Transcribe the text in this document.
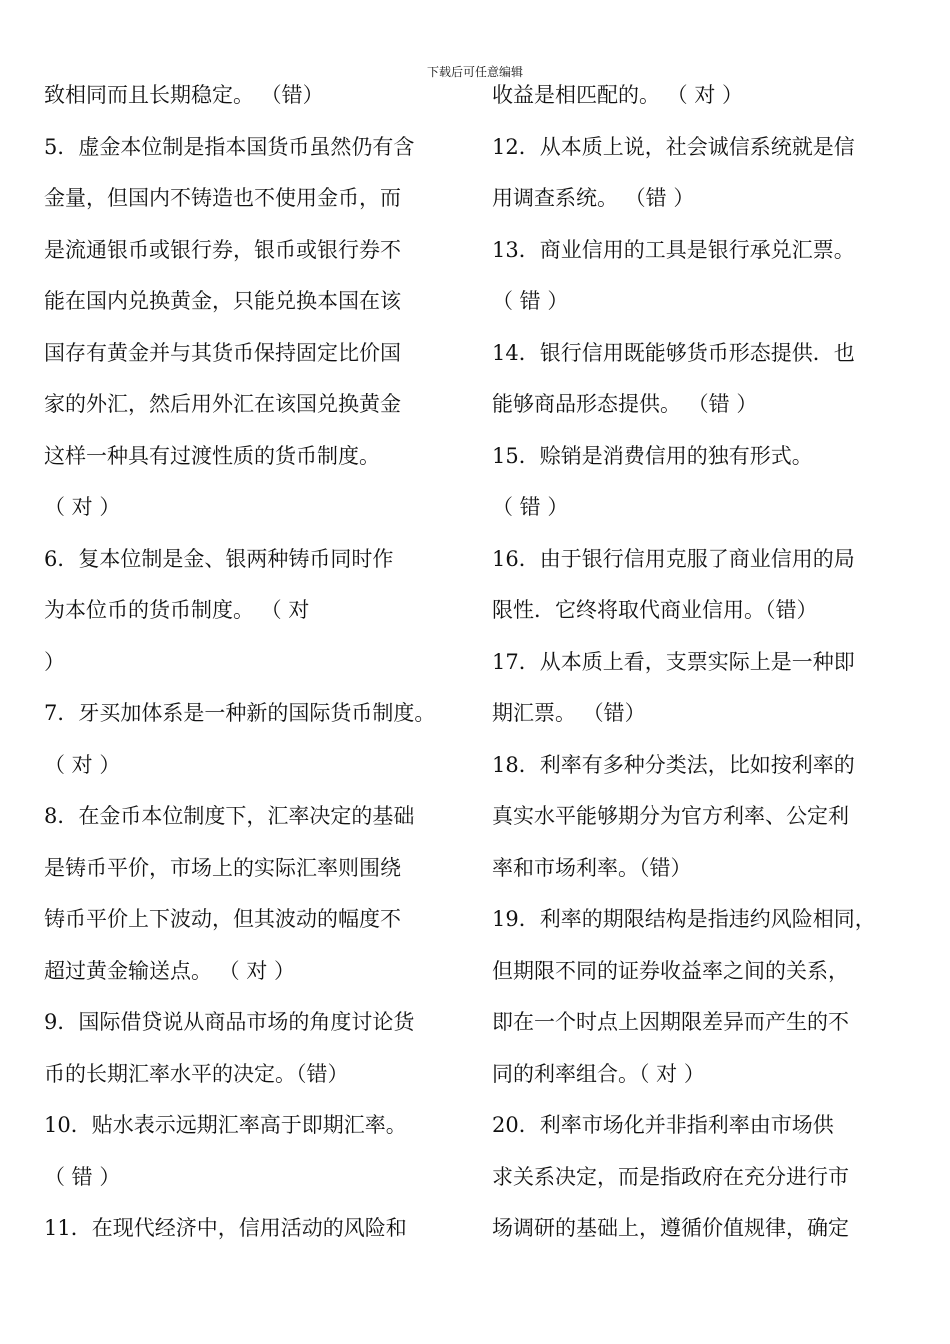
下载后可任意编辑
致相同而且长期稳定。 （错）
5．虚金本位制是指本国货币虽然仍有含
金量，但国内不铸造也不使用金币，而
是流通银币或银行券，银币或银行券不
能在国内兑换黄金，只能兑换本国在该
国存有黄金并与其货币保持固定比价国
家的外汇，然后用外汇在该国兑换黄金
这样一种具有过渡性质的货币制度。
（ 对 ）
6．复本位制是金、银两种铸币同时作
为本位币的货币制度。 （ 对
）
7．牙买加体系是一种新的国际货币制度。
（ 对 ）
8．在金币本位制度下，汇率决定的基础
是铸币平价，市场上的实际汇率则围绕
铸币平价上下波动，但其波动的幅度不
超过黄金输送点。 （ 对 ）
9．国际借贷说从商品市场的角度讨论货
币的长期汇率水平的决定。（错）
10．贴水表示远期汇率高于即期汇率。
（ 错 ）
11．在现代经济中，信用活动的风险和
收益是相匹配的。 （ 对 ）
12．从本质上说，社会诚信系统就是信
用调查系统。 （错 ）
13．商业信用的工具是银行承兑汇票。
（ 错 ）
14．银行信用既能够货币形态提供．也
能够商品形态提供。 （错 ）
15．赊销是消费信用的独有形式。
（ 错 ）
16．由于银行信用克服了商业信用的局
限性．它终将取代商业信用。（错）
17．从本质上看，支票实际上是一种即
期汇票。 （错）
18．利率有多种分类法，比如按利率的
真实水平能够期分为官方利率、公定利
率和市场利率。（错）
19．利率的期限结构是指违约风险相同，
但期限不同的证券收益率之间的关系，
即在一个时点上因期限差异而产生的不
同的利率组合。（ 对 ）
20．利率市场化并非指利率由市场供
求关系决定，而是指政府在充分进行市
场调研的基础上，遵循价值规律，确定
